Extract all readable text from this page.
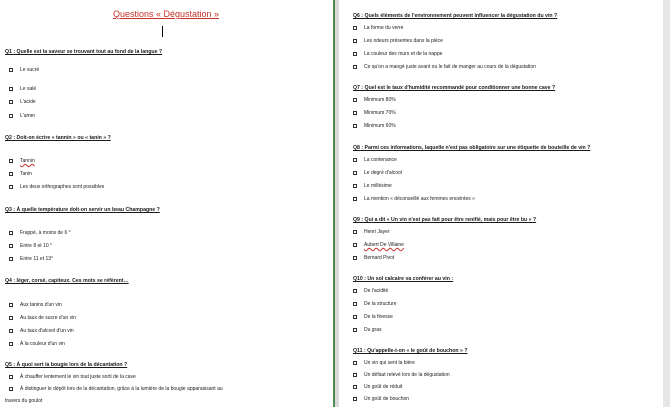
Questions « Dégustation »
Q1 : Quelle est la saveur se trouvant tout au fond de la langue ?
Le sucré
Le salé
L'acide
L'amer
Q2 : Doit-on écrire « tannin » ou « tanin » ?
Tannin
Tanin
Les deux orthographes sont possibles
Q3 : À quelle température doit-on servir un beau Champagne ?
Frappé, à moins de 6 °
Entre 8 et 10 °
Entre 11 et 13°
Q4 : léger, corsé, capiteux. Ces mots se réfèrent…
Aux tanins d'un vin
Au taux de sucre d'un vin
Au taux d'alcool d'un vin
À la couleur d'un vin
Q5 : À quoi sert la bougie lors de la décantation ?
À chauffer lentement le vin tout juste sorti de la cave
À distinguer le dépôt lors de la décantation, grâce à la lumière de la bougie apparaissant au
travers du goulot
Q6 : Quels éléments de l'environnement peuvent influencer la dégustation du vin ?
La forme du verre
Les odeurs présentes dans la pièce
La couleur des murs et de la nappe
Ce qu'on a mangé juste avant ou le fait de manger au cours de la dégustation
Q7 : Quel est le taux d'humidité recommandé pour conditionner une bonne cave ?
Minimum 80%
Minimum 70%
Minimum 60%
Q8 : Parmi ces informations, laquelle n'est pas obligatoire sur une étiquette de bouteille de vin ?
La contenance
Le degré d'alcool
Le millésime
La mention « déconseillé aux femmes enceintes »
Q9 : Qui a dit « Un vin n'est pas fait pour être renifié, mais pour être bu » ?
Henri Jayer
Aubert De Villaine
Bernard Pivot
Q10 : Un sol calcaire va conférer au vin :
De l'acidité
De la structure
De la finesse
Du gras
Q11 : Qu'appelle-t-on « le goût de bouchon » ?
Un vin qui sent la bière
Un défaut relevé lors de la dégustation
Un goût de réduit
Un goût de bouchon
